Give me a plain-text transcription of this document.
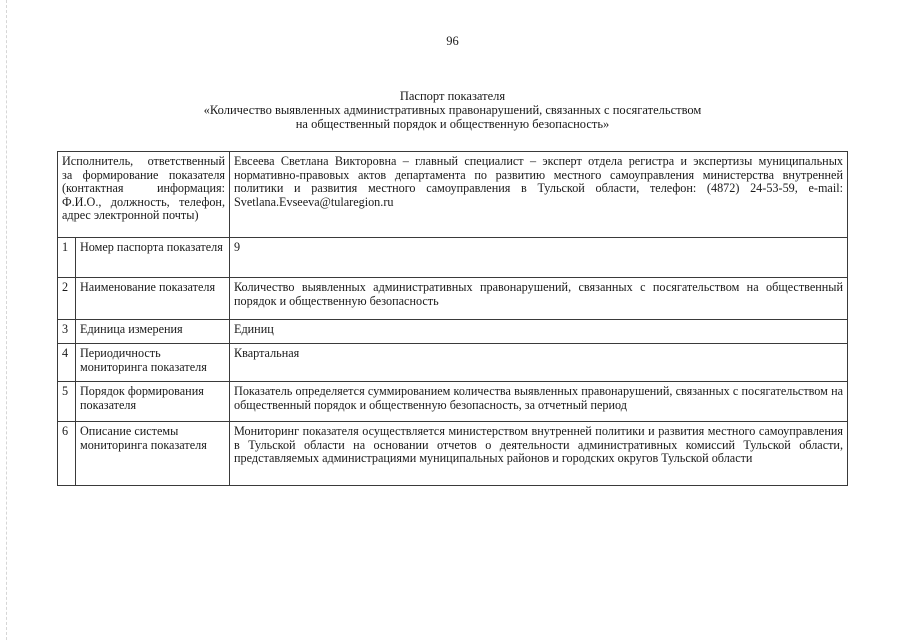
96
Паспорт показателя
«Количество выявленных административных правонарушений, связанных с посягательством
на общественный порядок и общественную безопасность»
Исполнитель, ответственный за формирование показателя (контактная информация: Ф.И.О., должность, телефон, адрес электронной почты)		Евсеева Светлана Викторовна – главный специалист – эксперт отдела регистра и экспертизы муниципальных нормативно-правовых актов департамента по развитию местного самоуправления министерства внутренней политики и развития местного самоуправления в Тульской области, телефон: (4872) 24-53-59, e-mail: Svetlana.Evseeva@tularegion.ru
1	Номер паспорта показателя	9
2	Наименование показателя	Количество выявленных административных правонарушений, связанных с посягательством на общественный порядок и общественную безопасность
3	Единица измерения	Единиц
4	Периодичность мониторинга показателя	Квартальная
5	Порядок формирования показателя	Показатель определяется суммированием количества выявленных правонарушений, связанных с посягательством на общественный порядок и общественную безопасность, за отчетный период
6	Описание системы мониторинга показателя	Мониторинг показателя осуществляется министерством внутренней политики и развития местного самоуправления в Тульской области на основании отчетов о деятельности административных комиссий Тульской области, представляемых администрациями муниципальных районов и городских округов Тульской области
